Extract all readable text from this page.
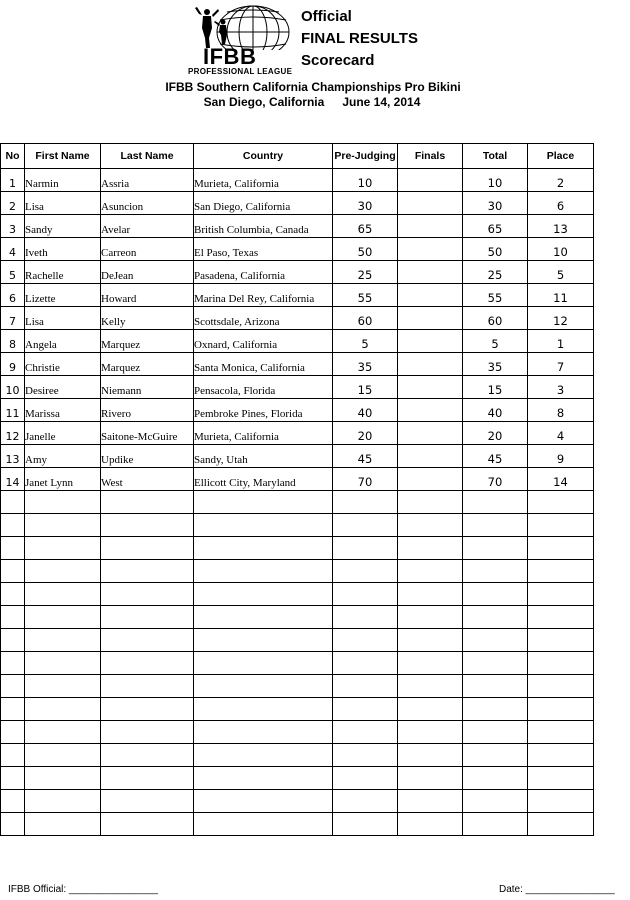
IFBB
PROFESSIONAL LEAGUE
Official
FINAL RESULTS
Scorecard
IFBB Southern California Championships Pro Bikini
San Diego, California June 14, 2014
No	First Name	Last Name	Country	Pre-Judging	Finals	Total	Place
1	Narmin	Assria	Murieta, California	10		10	2
2	Lisa	Asuncion	San Diego, California	30		30	6
3	Sandy	Avelar	British Columbia, Canada	65		65	13
4	Iveth	Carreon	El Paso, Texas	50		50	10
5	Rachelle	DeJean	Pasadena, California	25		25	5
6	Lizette	Howard	Marina Del Rey, California	55		55	11
7	Lisa	Kelly	Scottsdale, Arizona	60		60	12
8	Angela	Marquez	Oxnard, California	5		5	1
9	Christie	Marquez	Santa Monica, California	35		35	7
10	Desiree	Niemann	Pensacola, Florida	15		15	3
11	Marissa	Rivero	Pembroke Pines, Florida	40		40	8
12	Janelle	Saitone-McGuire	Murieta, California	20		20	4
13	Amy	Updike	Sandy, Utah	45		45	9
14	Janet Lynn	West	Ellicott City, Maryland	70		70	14

IFBB Official: ________________	Date: ________________
